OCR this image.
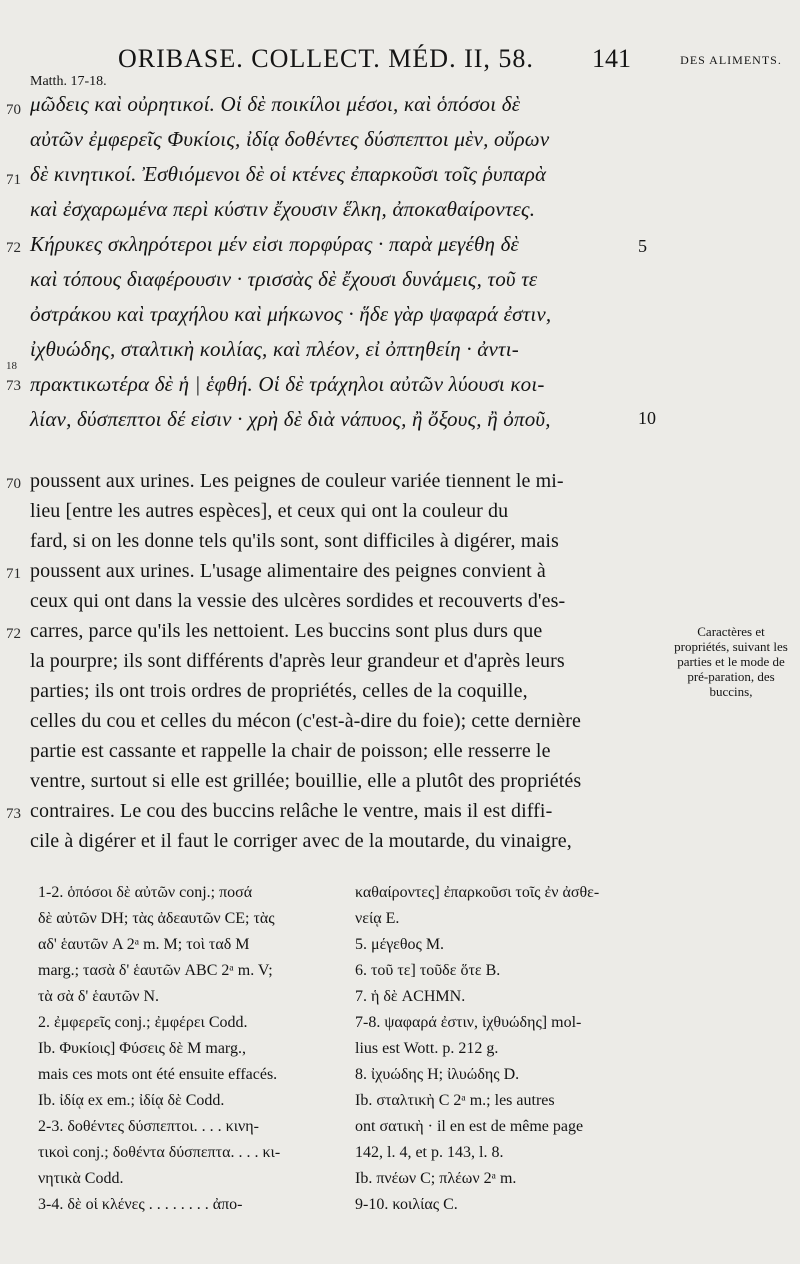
ORIBASE. COLLECT. MÉD. II, 58. 141	DES ALIMENTS.
Matth. 17-18.
μῶδεις καὶ οὐρητικοί. Οἱ δὲ ποικίλοι μέσοι, καὶ ὁπόσοι δὲ
αὐτῶν ἐμφερεῖς Φυκίοις, ἰδίᾳ δοθέντες δύσπεπτοι μὲν, οὔρων
δὲ κινητικοί. Ἐσθιόμενοι δὲ οἱ κτένες ἐπαρκοῦσι τοῖς ῥυπαρὰ
καὶ ἐσχαρωμένα περὶ κύστιν ἔχουσιν ἕλκη, ἀποκαθαίροντες.
Κήρυκες σκληρότεροι μέν εἰσι πορφύρας · παρὰ μεγέθη δὲ
καὶ τόπους διαφέρουσιν · τρισσὰς δὲ ἔχουσι δυνάμεις, τοῦ τε
ὀστράκου καὶ τραχήλου καὶ μήκωνος · ἥδε γὰρ ψαφαρά ἐστιν,
ἰχθυώδης, σταλτικὴ κοιλίας, καὶ πλέον, εἰ ὀπτηθείη · ἀντι-
πρακτικωτέρα δὲ ἡ | ἑφθή. Οἱ δὲ τράχηλοι αὐτῶν λύουσι κοι-
λίαν, δύσπεπτοι δέ εἰσιν · χρὴ δὲ διὰ νάπυος, ἢ ὄξους, ἢ ὀποῦ,
70
71
72
18
73
5
10
poussent aux urines. Les peignes de couleur variée tiennent le mi-
lieu [entre les autres espèces], et ceux qui ont la couleur du
fard, si on les donne tels qu'ils sont, sont difficiles à digérer, mais
poussent aux urines. L'usage alimentaire des peignes convient à
ceux qui ont dans la vessie des ulcères sordides et recouverts d'es-
carres, parce qu'ils les nettoient. Les buccins sont plus durs que
la pourpre; ils sont différents d'après leur grandeur et d'après leurs
parties; ils ont trois ordres de propriétés, celles de la coquille,
celles du cou et celles du mécon (c'est-à-dire du foie); cette dernière
partie est cassante et rappelle la chair de poisson; elle resserre le
ventre, surtout si elle est grillée; bouillie, elle a plutôt des propriétés
contraires. Le cou des buccins relâche le ventre, mais il est diffi-
cile à digérer et il faut le corriger avec de la moutarde, du vinaigre,
70
71
72
73
Caractères et propriétés, suivant les parties et le mode de pré-paration, des buccins,
1-2. ὁπόσοι δὲ αὐτῶν conj.; ποσά
δὲ αὐτῶν DH; τὰς ἀδεαυτῶν CE; τὰς
αδ' ἑαυτῶν A 2ᵃ m. M; τοὶ ταδ M
marg.; τασὰ δ' ἑαυτῶν ABC 2ᵃ m. V;
τὰ σὰ δ' ἑαυτῶν N.
2. ἐμφερεῖς conj.; ἐμφέρει Codd.
Ib. Φυκίοις] Φύσεις δὲ M marg.,
mais ces mots ont été ensuite effacés.
Ib. ἰδίᾳ ex em.; ἰδίᾳ δὲ Codd.
2-3. δοθέντες δύσπεπτοι. . . . κινη-
τικοὶ conj.; δοθέντα δύσπεπτα. . . . κι-
νητικὰ Codd.
3-4. δὲ οἱ κλένες . . . . . . . . ἀπο-
καθαίροντες] ἐπαρκοῦσι τοῖς ἐν ἀσθε-
νείᾳ E.
5. μέγεθος M.
6. τοῦ τε] τοῦδε ὅτε B.
7. ἡ δὲ ACHMN.
7-8. ψαφαρά ἐστιν, ἰχθυώδης] mol-
lius est Wott. p. 212 g.
8. ἰχυώδης H; ἰλυώδης D.
Ib. σταλτικὴ C 2ᵃ m.; les autres
ont σατικὴ · il en est de même page
142, l. 4, et p. 143, l. 8.
Ib. πνέων C; πλέων 2ᵃ m.
9-10. κοιλίας C.
